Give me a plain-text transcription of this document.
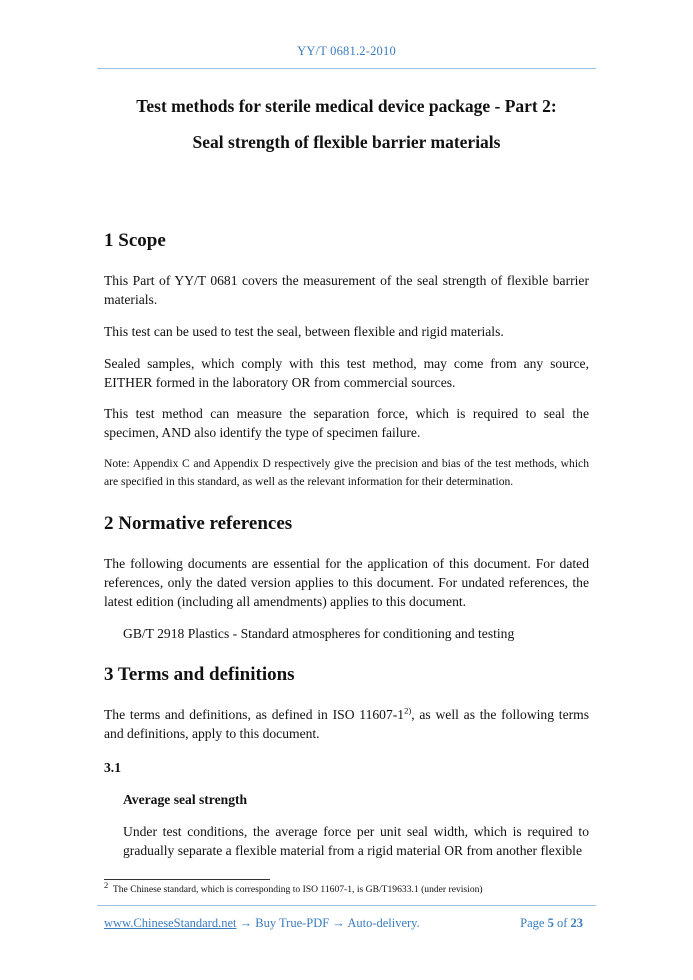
YY/T 0681.2-2010
Test methods for sterile medical device package - Part 2:
Seal strength of flexible barrier materials
1 Scope

This Part of YY/T 0681 covers the measurement of the seal strength of flexible barrier materials.

This test can be used to test the seal, between flexible and rigid materials.

Sealed samples, which comply with this test method, may come from any source, EITHER formed in the laboratory OR from commercial sources.

This test method can measure the separation force, which is required to seal the specimen, AND also identify the type of specimen failure.

Note: Appendix C and Appendix D respectively give the precision and bias of the test methods, which are specified in this standard, as well as the relevant information for their determination.

2 Normative references

The following documents are essential for the application of this document. For dated references, only the dated version applies to this document. For undated references, the latest edition (including all amendments) applies to this document.

GB/T 2918 Plastics - Standard atmospheres for conditioning and testing

3 Terms and definitions

The terms and definitions, as defined in ISO 11607-1$^{2)}$, as well as the following terms and definitions, apply to this document.

3.1

Average seal strength

Under test conditions, the average force per unit seal width, which is required to gradually separate a flexible material from a rigid material OR from another flexible

$^2$ The Chinese standard, which is corresponding to ISO 11607-1, is GB/T19633.1 (under revision)
www.ChineseStandard.net → Buy True-PDF → Auto-delivery.	Page 5 of 23
